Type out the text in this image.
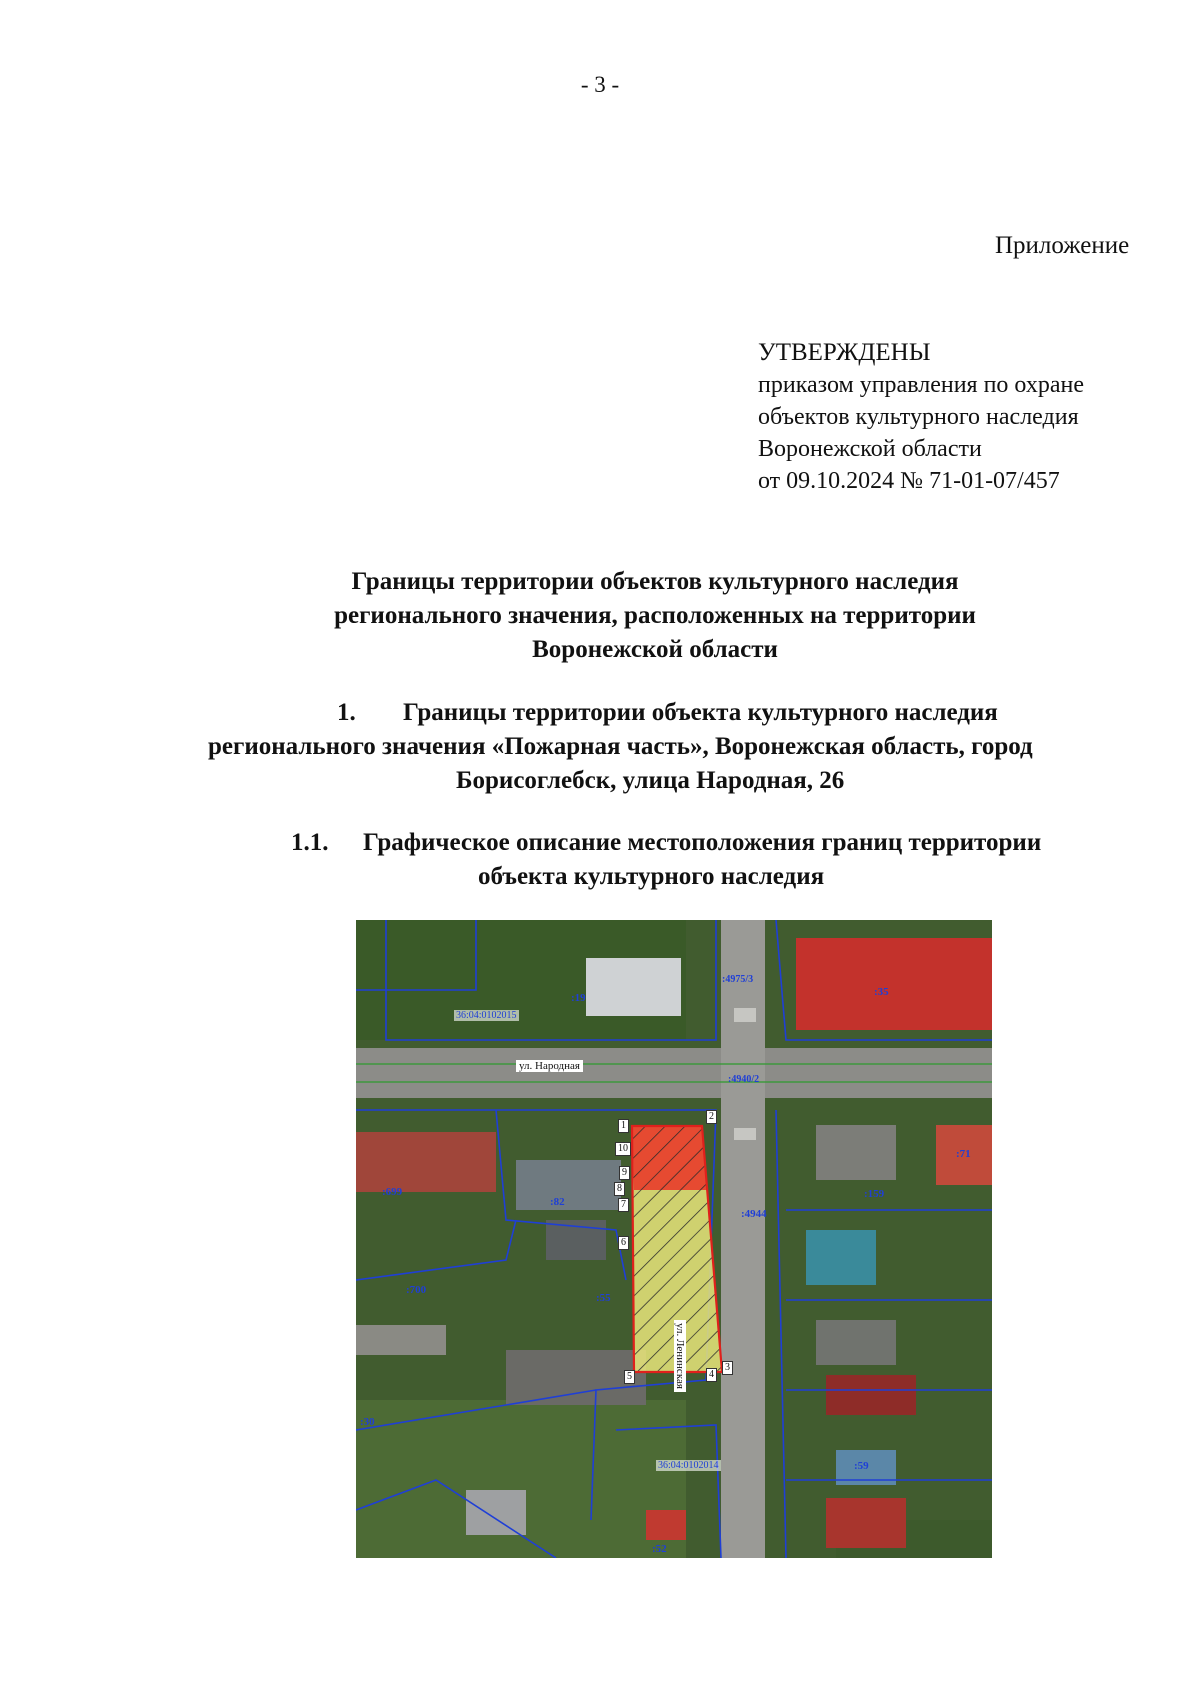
- 3 -
Приложение
УТВЕРЖДЕНЫ
приказом управления по охране
объектов культурного наследия
Воронежской области
от 09.10.2024 № 71-01-07/457
Границы территории объектов культурного наследия
регионального значения, расположенных на территории
Воронежской области
1. Границы территории объекта культурного наследия
регионального значения «Пожарная часть», Воронежская область, город
Борисоглебск, улица Народная, 26
1.1. Графическое описание местоположения границ территории
объекта культурного наследия
:19	:35
:4975/3
:4940/2
:71
:159
:699
:82
:4944
:700
:55
:59
:52
:30
36:04:0102015
36:04:0102014
ул. Народная
ул. Ленинская
1
2
3
4
5
6
7
8
9
10
